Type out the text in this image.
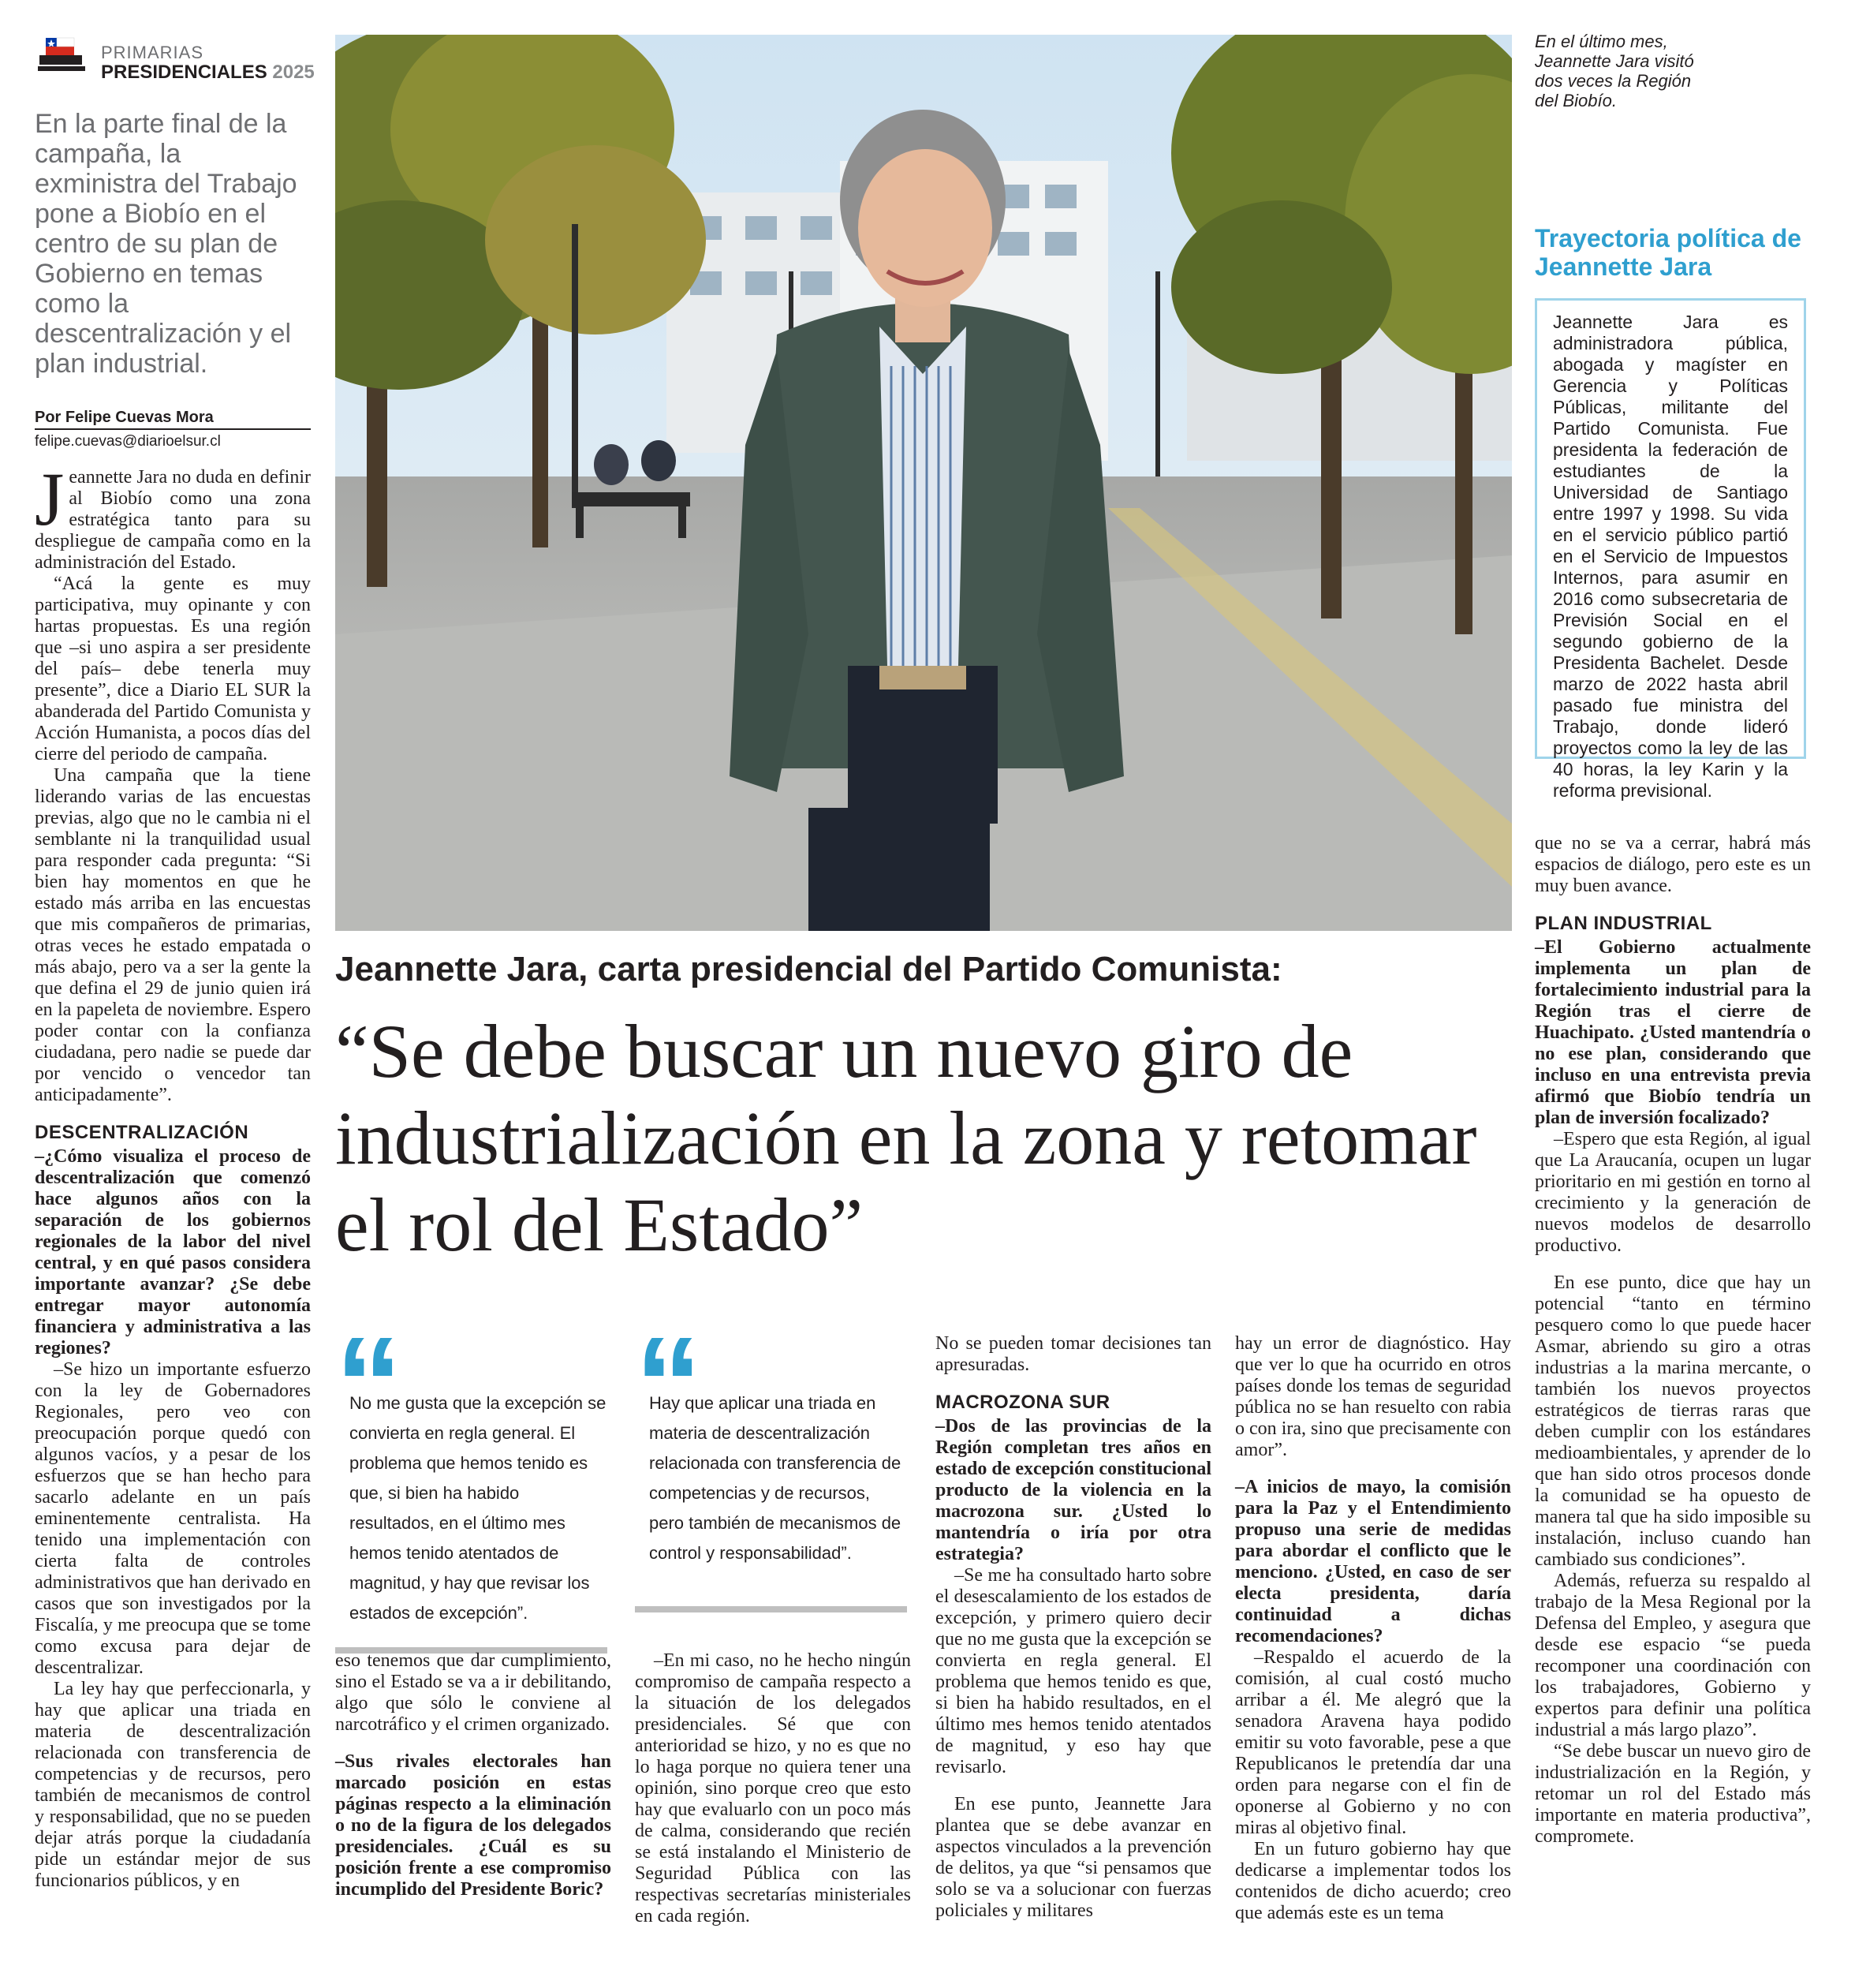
PRIMARIAS
PRESIDENCIALES 2025
En la parte final de la campaña, la exministra del Trabajo pone a Biobío en el centro de su plan de Gobierno en temas como la descentralización y el plan industrial.
Por Felipe Cuevas Mora
felipe.cuevas@diarioelsur.cl

Jeannette Jara no duda en definir al Biobío como una zona estratégica tanto para su despliegue de campaña como en la administración del Estado.

“Acá la gente es muy participativa, muy opinante y con hartas propuestas. Es una región que –si uno aspira a ser presidente del país– debe tenerla muy presente”, dice a Diario EL SUR la abanderada del Partido Comunista y Acción Humanista, a pocos días del cierre del periodo de campaña.

Una campaña que la tiene liderando varias de las encuestas previas, algo que no le cambia ni el semblante ni la tranquilidad usual para responder cada pregunta: “Si bien hay momentos en que he estado más arriba en las encuestas que mis compañeros de primarias, otras veces he estado empatada o más abajo, pero va a ser la gente la que defina el 29 de junio quien irá en la papeleta de noviembre. Espero poder contar con la confianza ciudadana, pero nadie se puede dar por vencido o vencedor tan anticipadamente”.

DESCENTRALIZACIÓN

–¿Cómo visualiza el proceso de descentralización que comenzó hace algunos años con la separación de los gobiernos regionales de la labor del nivel central, y en qué pasos considera importante avanzar? ¿Se debe entregar mayor autonomía financiera y administrativa a las regiones?

–Se hizo un importante esfuerzo con la ley de Gobernadores Regionales, pero veo con preocupación porque quedó con algunos vacíos, y a pesar de los esfuerzos que se han hecho para sacarlo adelante en un país eminentemente centralista. Ha tenido una implementación con cierta falta de controles administrativos que han derivado en casos que son investigados por la Fiscalía, y me preocupa que se tome como excusa para dejar de descentralizar.

La ley hay que perfeccionarla, y hay que aplicar una triada en materia de descentralización relacionada con transferencia de competencias y de recursos, pero también de mecanismos de control y responsabilidad, que no se pueden dejar atrás porque la ciudadanía pide un estándar mejor de sus funcionarios públicos, y en

En el último mes, Jeannette Jara visitó dos veces la Región del Biobío.
Trayectoria política de Jeannette Jara
Jeannette Jara es administradora pública, abogada y magíster en Gerencia y Políticas Públicas, militante del Partido Comunista. Fue presidenta la federación de estudiantes de la Universidad de Santiago entre 1997 y 1998. Su vida en el servicio público partió en el Servicio de Impuestos Internos, para asumir en 2016 como subsecretaria de Previsión Social en el segundo gobierno de la Presidenta Bachelet. Desde marzo de 2022 hasta abril pasado fue ministra del Trabajo, donde lideró proyectos como la ley de las 40 horas, la ley Karin y la reforma previsional.
Jeannette Jara, carta presidencial del Partido Comunista:
“Se debe buscar un nuevo giro de industrialización en la zona y retomar el rol del Estado”
“
No me gusta que la excepción se convierta en regla general. El problema que hemos tenido es que, si bien ha habido resultados, en el último mes hemos tenido atentados de magnitud, y hay que revisar los estados de excepción”.
“
Hay que aplicar una triada en materia de descentralización relacionada con transferencia de competencias y de recursos, pero también de mecanismos de control y responsabilidad”.

eso tenemos que dar cumplimiento, sino el Estado se va a ir debilitando, algo que sólo le conviene al narcotráfico y el crimen organizado.

–Sus rivales electorales han marcado posición en estas páginas respecto a la eliminación o no de la figura de los delegados presidenciales. ¿Cuál es su posición frente a ese compromiso incumplido del Presidente Boric?

–En mi caso, no he hecho ningún compromiso de campaña respecto a la situación de los delegados presidenciales. Sé que con anterioridad se hizo, y no es que no lo haga porque no quiera tener una opinión, sino porque creo que esto hay que evaluarlo con un poco más de calma, considerando que recién se está instalando el Ministerio de Seguridad Pública con las respectivas secretarías ministeriales en cada región.

No se pueden tomar decisiones tan apresuradas.

MACROZONA SUR

–Dos de las provincias de la Región completan tres años en estado de excepción constitucional producto de la violencia en la macrozona sur. ¿Usted lo mantendría o iría por otra estrategia?

–Se me ha consultado harto sobre el desescalamiento de los estados de excepción, y primero quiero decir que no me gusta que la excepción se convierta en regla general. El problema que hemos tenido es que, si bien ha habido resultados, en el último mes hemos tenido atentados de magnitud, y eso hay que revisarlo.

En ese punto, Jeannette Jara plantea que se debe avanzar en aspectos vinculados a la prevención de delitos, ya que “si pensamos que solo se va a solucionar con fuerzas policiales y militares

hay un error de diagnóstico. Hay que ver lo que ha ocurrido en otros países donde los temas de seguridad pública no se han resuelto con rabia o con ira, sino que precisamente con amor”.

–A inicios de mayo, la comisión para la Paz y el Entendimiento propuso una serie de medidas para abordar el conflicto que le menciono. ¿Usted, en caso de ser electa presidenta, daría continuidad a dichas recomendaciones?

–Respaldo el acuerdo de la comisión, al cual costó mucho arribar a él. Me alegró que la senadora Aravena haya podido emitir su voto favorable, pese a que Republicanos le pretendía dar una orden para negarse con el fin de oponerse al Gobierno y no con miras al objetivo final.

En un futuro gobierno hay que dedicarse a implementar todos los contenidos de dicho acuerdo; creo que además este es un tema

que no se va a cerrar, habrá más espacios de diálogo, pero este es un muy buen avance.

PLAN INDUSTRIAL

–El Gobierno actualmente implementa un plan de fortalecimiento industrial para la Región tras el cierre de Huachipato. ¿Usted mantendría o no ese plan, considerando que incluso en una entrevista previa afirmó que Biobío tendría un plan de inversión focalizado?

–Espero que esta Región, al igual que La Araucanía, ocupen un lugar prioritario en mi gestión en torno al crecimiento y la generación de nuevos modelos de desarrollo productivo.

En ese punto, dice que hay un potencial “tanto en término pesquero como lo que puede hacer Asmar, abriendo su giro a otras industrias a la marina mercante, o también los nuevos proyectos estratégicos de tierras raras que deben cumplir con los estándares medioambientales, y aprender de lo que han sido otros procesos donde la comunidad se ha opuesto de manera tal que ha sido imposible su instalación, incluso cuando han cambiado sus condiciones”.

Además, refuerza su respaldo al trabajo de la Mesa Regional por la Defensa del Empleo, y asegura que desde ese espacio “se pueda recomponer una coordinación con los trabajadores, Gobierno y expertos para definir una política industrial a más largo plazo”.

“Se debe buscar un nuevo giro de industrialización en la Región, y retomar un rol del Estado más importante en materia productiva”, compromete.
